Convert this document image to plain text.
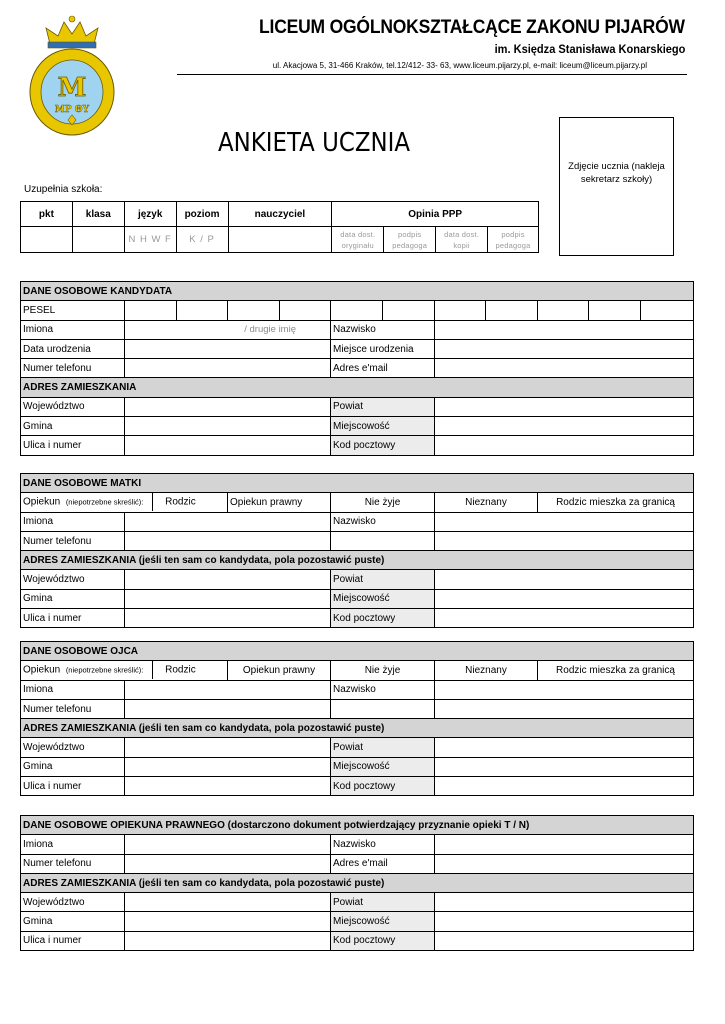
M
MP ΘY
LICEUM OGÓLNOKSZTAŁCĄCE ZAKONU PIJARÓW
im. Księdza Stanisława Konarskiego
ul. Akacjowa 5, 31-466 Kraków, tel.12/412- 33- 63, www.liceum.pijarzy.pl, e-mail: liceum@liceum.pijarzy.pl
ANKIETA UCZNIA
Zdjęcie ucznia (nakleja sekretarz szkoły)
Uzupełnia szkoła:
pkt	klasa	język	poziom	nauczyciel	Opinia PPP			
		N H W F	K / P		data dost. oryginału	podpis pedagoga	data dost. kopii	podpis pedagoga
DANE OSOBOWE KANDYDATA											
PESEL											
Imiona	/ drugie imię				Nazwisko						
Data urodzenia					Miejsce urodzenia						
Numer telefonu					Adres e'mail						
ADRES ZAMIESZKANIA											
Województwo					Powiat						
Gmina					Miejscowość						
Ulica i numer					Kod pocztowy						
DANE OSOBOWE MATKI					
Opiekun (niepotrzebne skreślić): Rodzic		Opiekun prawny	Nie żyje	Nieznany	Rodzic mieszka za granicą
Imiona			Nazwisko		
Numer telefonu					
ADRES ZAMIESZKANIA (jeśli ten sam co kandydata, pola pozostawić puste)					
Województwo			Powiat		
Gmina			Miejscowość		
Ulica i numer			Kod pocztowy		
DANE OSOBOWE OJCA					
Opiekun (niepotrzebne skreślić): Rodzic		Opiekun prawny	Nie żyje	Nieznany	Rodzic mieszka za granicą
Imiona			Nazwisko		
Numer telefonu					
ADRES ZAMIESZKANIA (jeśli ten sam co kandydata, pola pozostawić puste)					
Województwo			Powiat		
Gmina			Miejscowość		
Ulica i numer			Kod pocztowy		
DANE OSOBOWE OPIEKUNA PRAWNEGO (dostarczono dokument potwierdzający przyznanie opieki T / N)			
Imiona		Nazwisko	
Numer telefonu		Adres e'mail	
ADRES ZAMIESZKANIA (jeśli ten sam co kandydata, pola pozostawić puste)			
Województwo		Powiat	
Gmina		Miejscowość	
Ulica i numer		Kod pocztowy	
